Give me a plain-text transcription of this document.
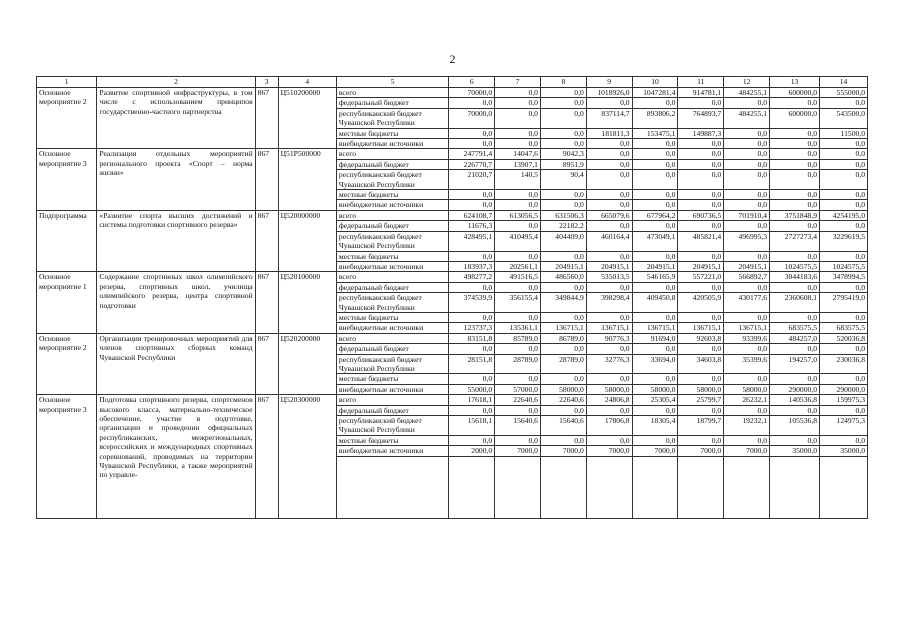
2
1	2	3	4	5	6	7	8	9	10	11	12	13	14
Основное мероприятие 2	Развитие спортивной инфраструктуры, в том числе с использованием принципов государственно-частного партнерства	867	Ц510200000	всего	70000,0	0,0	0,0	1018926,0	1047281,4	914781,1	484255,1	600000,0	555000,0
				федеральный бюджет	0,0	0,0	0,0	0,0	0,0	0,0	0,0	0,0	0,0
				республиканский бюджет Чувашской Республики	70000,0	0,0	0,0	837114,7	893806,2	764893,7	484255,1	600000,0	543500,0
				местные бюджеты	0,0	0,0	0,0	181811,3	153475,1	149887,3	0,0	0,0	11500,0
				внебюджетные источники	0,0	0,0	0,0	0,0	0,0	0,0	0,0	0,0	0,0
Основное мероприятие 3	Реализация отдельных мероприятий регионального проекта «Спорт – норма жизни»	867	Ц51P500000	всего	247791,4	14047,6	9042,3	0,0	0,0	0,0	0,0	0,0	0,0
				федеральный бюджет	226770,7	13907,1	8951,9	0,0	0,0	0,0	0,0	0,0	0,0
				республиканский бюджет Чувашской Республики	21020,7	140,5	90,4	0,0	0,0	0,0	0,0	0,0	0,0
				местные бюджеты	0,0	0,0	0,0	0,0	0,0	0,0	0,0	0,0	0,0
				внебюджетные источники	0,0	0,0	0,0	0,0	0,0	0,0	0,0	0,0	0,0
Подпрограмма	«Развитие спорта высших достижений и системы подготовки спортивного резерва»	867	Ц520000000	всего	624108,7	613056,5	631506,3	665079,6	677964,2	690736,5	701910,4	3751848,9	4254195,0
				федеральный бюджет	11676,3	0,0	22182,2	0,0	0,0	0,0	0,0	0,0	0,0
				республиканский бюджет Чувашской Республики	428495,1	410495,4	404409,0	460164,4	473049,1	485821,4	496995,3	2727273,4	3229619,5
				местные бюджеты	0,0	0,0	0,0	0,0	0,0	0,0	0,0	0,0	0,0
				внебюджетные источники	183937,3	202561,1	204915,1	204915,1	204915,1	204915,1	204915,1	1024575,5	1024575,5
Основное мероприятие 1	Содержание спортивных школ олимпийского резерва, спортивных школ, училища олимпийского резерва, центра спортивной подготовки	867	Ц520100000	всего	498277,2	491516,5	486560,0	535013,5	546165,9	557221,0	566892,7	3044183,6	3478994,5
				федеральный бюджет	0,0	0,0	0,0	0,0	0,0	0,0	0,0	0,0	0,0
				республиканский бюджет Чувашской Республики	374539,9	356155,4	349844,9	398298,4	409450,8	420505,9	430177,6	2360608,1	2795419,0
				местные бюджеты	0,0	0,0	0,0	0,0	0,0	0,0	0,0	0,0	0,0
				внебюджетные источники	123737,3	135361,1	136715,1	136715,1	136715,1	136715,1	136715,1	683575,5	683575,5
Основное мероприятие 2	Организация тренировочных мероприятий для членов спортивных сборных команд Чувашской Республики	867	Ц520200000	всего	83151,8	85789,0	86789,0	90776,3	91694,0	92603,8	93399,6	484257,0	520036,8
				федеральный бюджет	0,0	0,0	0,0	0,0	0,0	0,0	0,0	0,0	0,0
				республиканский бюджет Чувашской Республики	28151,8	28789,0	28789,0	32776,3	33694,0	34603,8	35399,6	194257,0	230036,8
				местные бюджеты	0,0	0,0	0,0	0,0	0,0	0,0	0,0	0,0	0,0
				внебюджетные источники	55000,0	57000,0	58000,0	58000,0	58000,0	58000,0	58000,0	290000,0	290000,0
Основное мероприятие 3	Подготовка спортивного резерва, спортсменов высокого класса, материально-техническое обеспечение, участие в подготовке, организации и проведении официальных республиканских, межрегиональных, всероссийских и международных спортивных соревнований, проводимых на территории Чувашской Республики, а также мероприятий по управле-	867	Ц520300000	всего	17618,1	22640,6	22640,6	24806,8	25305,4	25799,7	26232,1	140536,8	159975,3
				федеральный бюджет	0,0	0,0	0,0	0,0	0,0	0,0	0,0	0,0	0,0
				республиканский бюджет Чувашской Республики	15618,1	15640,6	15640,6	17806,8	18305,4	18799,7	19232,1	105536,8	124975,3
				местные бюджеты	0,0	0,0	0,0	0,0	0,0	0,0	0,0	0,0	0,0
				внебюджетные источники	2000,0	7000,0	7000,0	7000,0	7000,0	7000,0	7000,0	35000,0	35000,0
